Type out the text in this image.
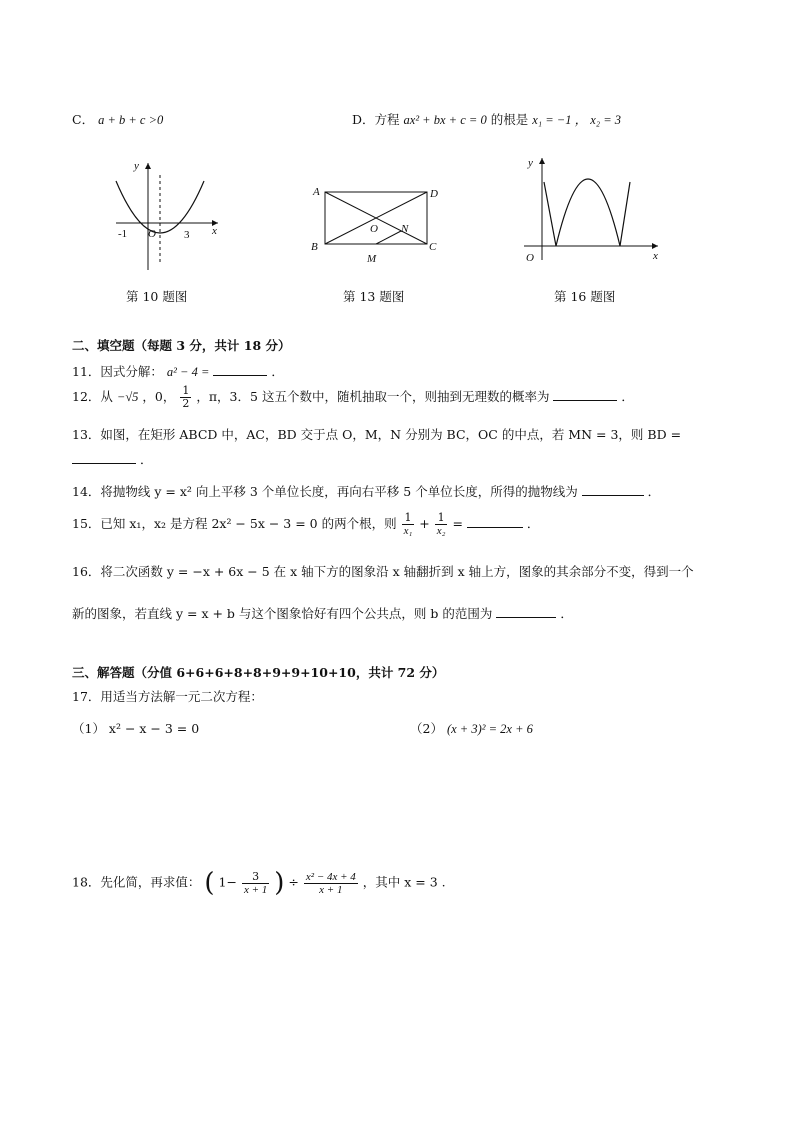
C． a + b + c >0	D．方程 ax² + bx + c = 0 的根是 x₁ = −1 ， x₂ = 3
y
x
O
-1	3
第 10 题图
A
B	C
D
O N
M
第 13 题图
y
x
O
第 16 题图
二、填空题（每题 3 分，共计 18 分）
11．因式分解： a² − 4 =	．
12．从 −√5 ，0， $\frac{1}{2}$ ，π，3．5 这五个数中，随机抽取一个，则抽到无理数的概率为	．
13．如图，在矩形 ABCD 中，AC，BD 交于点 O，M，N 分别为 BC，OC 的中点，若 MN = 3，则 BD =
．
14．将抛物线 y = x² 向上平移 3 个单位长度，再向右平移 5 个单位长度，所得的抛物线为	．
15．已知 x₁，x₂ 是方程 2x² − 5x − 3 = 0 的两个根，则 $\frac{1}{\text{x₁}} + \frac{1}{\text{x₂}}$ =	．
16．将二次函数 y = −x + 6x − 5 在 x 轴下方的图象沿 x 轴翻折到 x 轴上方，图象的其余部分不变，得到一个
新的图象，若直线 y = x + b 与这个图象恰好有四个公共点，则 b 的范围为	．
三、解答题（分值 6+6+6+8+8+9+9+10+10，共计 72 分）
17．用适当方法解一元二次方程：
（1） x² − x − 3 = 0	（2） (x + 3)² = 2x + 6
18．先化简，再求值： ( $1- \frac{3}{x + 1}$ ) ÷ $\frac{\text{x² − 4x + 4}}{x + 1}$ ，其中 x = 3 .
